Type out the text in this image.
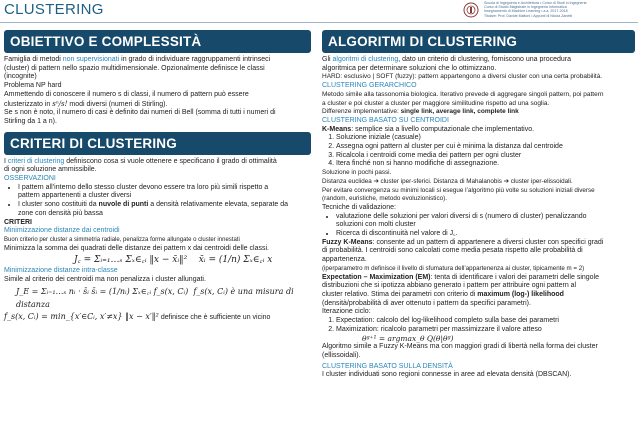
CLUSTERING	Scuola di Ingegneria e Architettura • Corso di Studi in Ingegneria
Corso di Studio Magistrale in Ingegneria Informatica
Insegnamento di Machine Learning • a.a. 2017-2018
Titolare: Prof. Davide Maltoni • Appunti di Nicola Zanetti
OBIETTIVO E COMPLESSITÀ

Famiglia di metodi non supervisionati in grado di individuare raggruppamenti intrinseci

(cluster) di pattern nello spazio multidimensionale. Opzionalmente definisce le classi

(incognite)

Problema NP hard

Ammettendo di conoscere il numero s di classi, il numero di pattern può essere

clusterizzato in sⁿ/s! modi diversi (numeri di Stirling).

Se s non è noto, il numero di casi è definito dai numeri di Bell (somma di tutti i numeri di

Stirling da 1 a n).

CRITERI DI CLUSTERING

I criteri di clustering definiscono cosa si vuole ottenere e specificano il grado di ottimalità

di ogni soluzione ammissibile.

OSSERVAZIONI

• I pattern all’interno dello stesso cluster devono essere tra loro più simili rispetto a
pattern appartenenti a cluster diversi
• I cluster sono costituiti da nuvole di punti a densità relativamente elevata, separate da
zone con densità più bassa

CRITERI

Minimizzazione distanze dai centroidi

Buon criterio per cluster a simmetria radiale, penalizza forme allungate o cluster innestati

Minimizza la somma dei quadrati delle distanze dei pattern x dai centroidi delle classi.

J꜀ = Σᵢ₌₁…ₛ Σₓ∈꜀ᵢ ‖x − x̄ᵢ‖² x̄ᵢ = (1/n) Σₓ∈꜀ᵢ x

Minimizzazione distanze intra-classe

Simile al criterio dei centroidi ma non penalizza i cluster allungati.

J_E = Σᵢ₌₁…ₛ nᵢ · s̄ᵢ s̄ᵢ = (1/nᵢ) Σₓ∈꜀ᵢ f_s(x, Cᵢ) f_s(x, Cᵢ) è una misura di distanza

f_s(x, Cᵢ) = min_{x′∈Cᵢ, x′≠x} ‖x − x′‖² definisce che è sufficiente un vicino

ALGORITMI DI CLUSTERING

Gli algoritmi di clustering, dato un criterio di clustering, forniscono una procedura

algoritmica per determinare soluzioni che lo ottimizzano.

HARD: esclusivo | SOFT (fuzzy): pattern appartengono a diversi cluster con una certa probabilità.

CLUSTERING GERARCHICO

Metodo simile alla tassonomia biologica. Iterativo prevede di aggregare singoli pattern, poi pattern

a cluster e poi cluster a cluster per maggiore similitudine rispetto ad una soglia.

Differenze implementative: single link, average link, complete link

CLUSTERING BASATO SU CENTROIDI

K-Means: semplice sia a livello computazionale che implementativo.

1. Soluzione iniziale (casuale)
2. Assegna ogni pattern al cluster per cui è minima la distanza dal centroide
3. Ricalcola i centroidi come media dei pattern per ogni cluster
4. Itera finché non si hanno modifiche di assegnazione.

Soluzione in pochi passi.

Distanza euclidea ➔ cluster iper-sferici. Distanza di Mahalanobis ➔ cluster iper-elissoidali.

Per evitare convergenza su minimi locali si esegue l’algoritmo più volte su soluzioni iniziali diverse

(random, euristiche, metodo evoluzionistico).

Tecniche di validazione:

• valutazione delle soluzioni per valori diversi di s (numero di cluster) penalizzando
soluzioni con molti cluster
• Ricerca di discontinuità nel valore di J꜀.

Fuzzy K-Means: consente ad un pattern di appartenere a diversi cluster con specifici gradi

di probabilità. I centroidi sono calcolati come media pesata rispetto alle probabilità di

appartenenza.

(iperparametro m definisce il livello di sfumatura dell’appartenenza ai cluster, tipicamente m = 2)

Expectation – Maximization (EM): tenta di identificare i valori dei parametri delle singole

distribuzioni che si ipotizza abbiano generato i pattern per attribuire ogni pattern al

cluster relativo. Stima dei parametri con criterio di maximum (log-) likelihood

(densità/probabilità di aver ottenuto i pattern da specifici parametri).

Iterazione ciclo:

1. Expectation: calcolo del log-likelihood completo sulla base dei parametri
2. Maximization: ricalcolo parametri per massimizzare il valore atteso

θᵍ⁺¹ = argmax_θ Q(θ|θᵍ)

Algoritmo simile a Fuzzy K-Means ma con maggiori gradi di libertà nella forma dei cluster

(ellissoidali).

CLUSTERING BASATO SULLA DENSITÀ

I cluster individuati sono regioni connesse in aree ad elevata densità (DBSCAN).
